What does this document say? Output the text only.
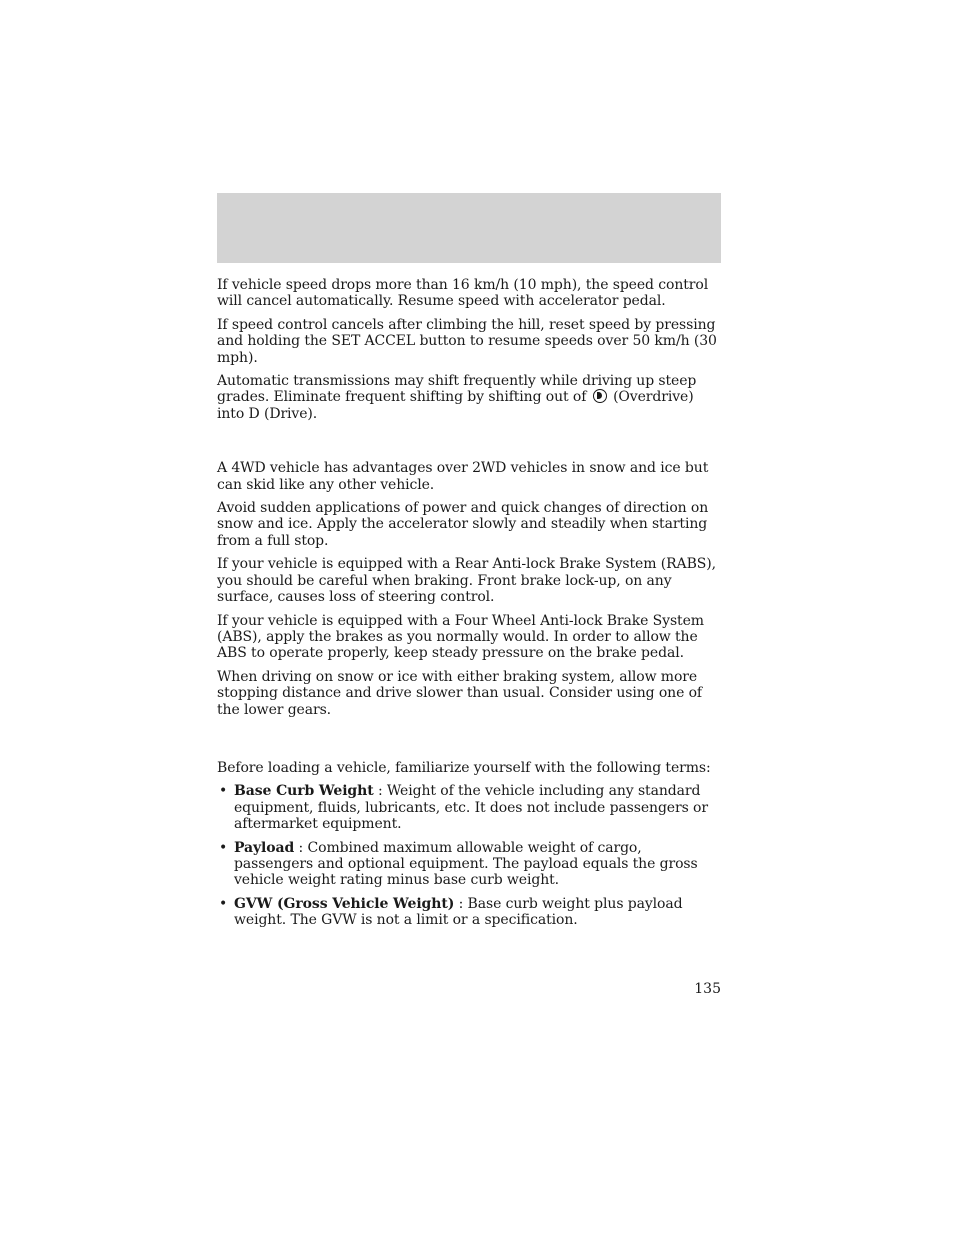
If vehicle speed drops more than 16 km/h (10 mph), the speed control will cancel automatically. Resume speed with accelerator pedal.

If speed control cancels after climbing the hill, reset speed by pressing and holding the SET ACCEL button to resume speeds over 50 km/h (30 mph).

Automatic transmissions may shift frequently while driving up steep grades. Eliminate frequent shifting by shifting out of (Overdrive) into D (Drive).

A 4WD vehicle has advantages over 2WD vehicles in snow and ice but can skid like any other vehicle.

Avoid sudden applications of power and quick changes of direction on snow and ice. Apply the accelerator slowly and steadily when starting from a full stop.

If your vehicle is equipped with a Rear Anti-lock Brake System (RABS), you should be careful when braking. Front brake lock-up, on any surface, causes loss of steering control.

If your vehicle is equipped with a Four Wheel Anti-lock Brake System (ABS), apply the brakes as you normally would. In order to allow the ABS to operate properly, keep steady pressure on the brake pedal.

When driving on snow or ice with either braking system, allow more stopping distance and drive slower than usual. Consider using one of the lower gears.

Before loading a vehicle, familiarize yourself with the following terms:

• Base Curb Weight : Weight of the vehicle including any standard equipment, fluids, lubricants, etc. It does not include passengers or aftermarket equipment.
• Payload : Combined maximum allowable weight of cargo, passengers and optional equipment. The payload equals the gross vehicle weight rating minus base curb weight.
• GVW (Gross Vehicle Weight) : Base curb weight plus payload weight. The GVW is not a limit or a specification.
135
